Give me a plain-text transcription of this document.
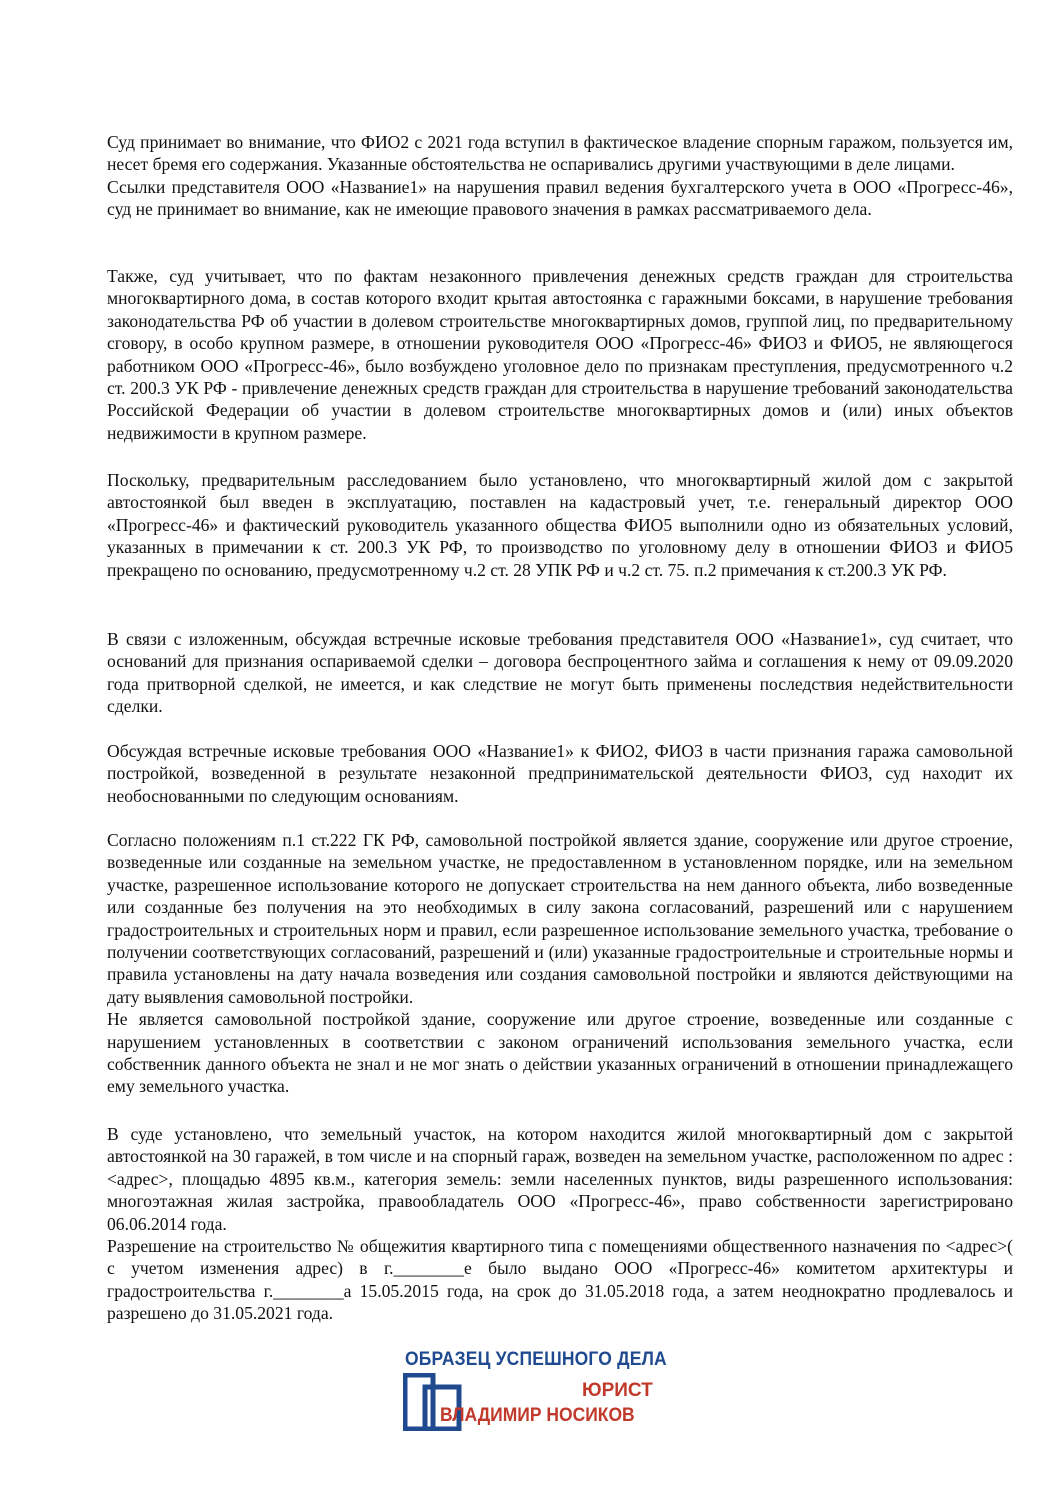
Суд принимает во внимание, что ФИО2 с 2021 года вступил в фактическое владение спорным гаражом, пользуется им, несет бремя его содержания. Указанные обстоятельства не оспаривались другими участвующими в деле лицами.

Ссылки представителя ООО «Название1» на нарушения правил ведения бухгалтерского учета в ООО «Прогресс-46», суд не принимает во внимание, как не имеющие правового значения в рамках рассматриваемого дела.

Также, суд учитывает, что по фактам незаконного привлечения денежных средств граждан для строительства многоквартирного дома, в состав которого входит крытая автостоянка с гаражными боксами, в нарушение требования законодательства РФ об участии в долевом строительстве многоквартирных домов, группой лиц, по предварительному сговору, в особо крупном размере, в отношении руководителя ООО «Прогресс-46» ФИО3 и ФИО5, не являющегося работником ООО «Прогресс-46», было возбуждено уголовное дело по признакам преступления, предусмотренного ч.2 ст. 200.3 УК РФ - привлечение денежных средств граждан для строительства в нарушение требований законодательства Российской Федерации об участии в долевом строительстве многоквартирных домов и (или) иных объектов недвижимости в крупном размере.
Поскольку, предварительным расследованием было установлено, что многоквартирный жилой дом с закрытой автостоянкой был введен в эксплуатацию, поставлен на кадастровый учет, т.е. генеральный директор ООО «Прогресс-46» и фактический руководитель указанного общества ФИО5 выполнили одно из обязательных условий, указанных в примечании к ст. 200.3 УК РФ, то производство по уголовному делу в отношении ФИО3 и ФИО5 прекращено по основанию, предусмотренному ч.2 ст. 28 УПК РФ и ч.2 ст. 75. п.2 примечания к ст.200.3 УК РФ.
В связи с изложенным, обсуждая встречные исковые требования представителя ООО «Название1», суд считает, что оснований для признания оспариваемой сделки – договора беспроцентного займа и соглашения к нему от 09.09.2020 года притворной сделкой, не имеется, и как следствие не могут быть применены последствия недействительности сделки.
Обсуждая встречные исковые требования ООО «Название1» к ФИО2, ФИО3 в части признания гаража самовольной постройкой, возведенной в результате незаконной предпринимательской деятельности ФИО3, суд находит их необоснованными по следующим основаниям.

Согласно положениям п.1 ст.222 ГК РФ, самовольной постройкой является здание, сооружение или другое строение, возведенные или созданные на земельном участке, не предоставленном в установленном порядке, или на земельном участке, разрешенное использование которого не допускает строительства на нем данного объекта, либо возведенные или созданные без получения на это необходимых в силу закона согласований, разрешений или с нарушением градостроительных и строительных норм и правил, если разрешенное использование земельного участка, требование о получении соответствующих согласований, разрешений и (или) указанные градостроительные и строительные нормы и правила установлены на дату начала возведения или создания самовольной постройки и являются действующими на дату выявления самовольной постройки.

Не является самовольной постройкой здание, сооружение или другое строение, возведенные или созданные с нарушением установленных в соответствии с законом ограничений использования земельного участка, если собственник данного объекта не знал и не мог знать о действии указанных ограничений в отношении принадлежащего ему земельного участка.

В суде установлено, что земельный участок, на котором находится жилой многоквартирный дом с закрытой автостоянкой на 30 гаражей, в том числе и на спорный гараж, возведен на земельном участке, расположенном по адрес : <адрес>, площадью 4895 кв.м., категория земель: земли населенных пунктов, виды разрешенного использования: многоэтажная жилая застройка, правообладатель ООО «Прогресс-46», право собственности зарегистрировано 06.06.2014 года.

Разрешение на строительство № общежития квартирного типа с помещениями общественного назначения по <адрес>( с учетом изменения адрес) в г.________е было выдано ООО «Прогресс-46» комитетом архитектуры и градостроительства г.________а 15.05.2015 года, на срок до 31.05.2018 года, а затем неоднократно продлевалось и разрешено до 31.05.2021 года.

ОБРАЗЕЦ УСПЕШНОГО ДЕЛА
ЮРИСТ
ВЛАДИМИР НОСИКОВ
